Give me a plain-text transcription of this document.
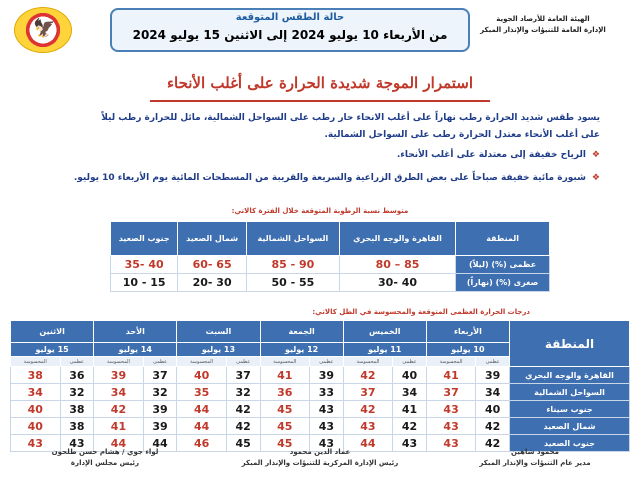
الهيئة العامة للأرصاد الجوية
الإدارة العامة للتنبؤات والإنذار المبكر
حالة الطقس المتوقعة
من الأربعاء 10 يوليو 2024 إلى الاثنين 15 يوليو 2024
🦅
استمرار الموجة شديدة الحرارة على أغلب الأنحاء
يسود طقس شديد الحرارة رطب نهاراً على أغلب الانحاء حار رطب على السواحل الشمالية، مائل للحرارة رطب ليلاً
على أغلب الأنحاء معتدل الحرارة رطب على السواحل الشمالية.
❖الرياح خفيفة إلى معتدلة على أغلب الأنحاء.
❖شبورة مائية خفيفة صباحاً على بعض الطرق الزراعية والسريعة والقريبة من المسطحات المائية يوم الأربعاء 10 يوليو.
متوسط نسبة الرطوبة المتوقعة خلال الفترة كالاتي:
المنطقة	القاهرة والوجه البحري	السواحل الشمالية	شمال الصعيد	جنوب الصعيد
عظمى (%) (ليلاً)	80 – 85	85 - 90	60- 65	35- 40
صغرى (%) (نهاراً)	30- 40	50 - 55	20- 30	10 - 15
درجات الحرارة العظمى المتوقعة والمحسوسة في الظل كالاتي:
المنطقة	الأربعاء		الخميس		الجمعة		السبت		الأحد		الاثنين	
	10 يوليو		11 يوليو		12 يوليو		13 يوليو		14 يوليو		15 يوليو	
	عظمى	المحسوسة	عظمى	المحسوسة	عظمى	المحسوسة	عظمى	المحسوسة	عظمى	المحسوسة	عظمى	المحسوسة
القاهرة والوجه البحري	39	41	40	42	39	41	37	40	37	39	36	38
السواحل الشمالية	34	37	34	37	33	36	32	35	32	34	32	34
جنوب سيناء	40	43	41	42	43	45	42	44	39	42	38	40
شمال الصعيد	42	43	42	43	43	45	42	44	39	41	38	40
جنوب الصعيد	42	43	43	44	43	45	45	46	44	44	43	43
محمود شاهين
مدير عام التنبؤات والإنذار المبكر
عماد الدين محمود
رئيس الإدارة المركزية للتنبؤات والإنذار المبكر
لواء جوي / هشام حسن طلحون
رئيس مجلس الإدارة
